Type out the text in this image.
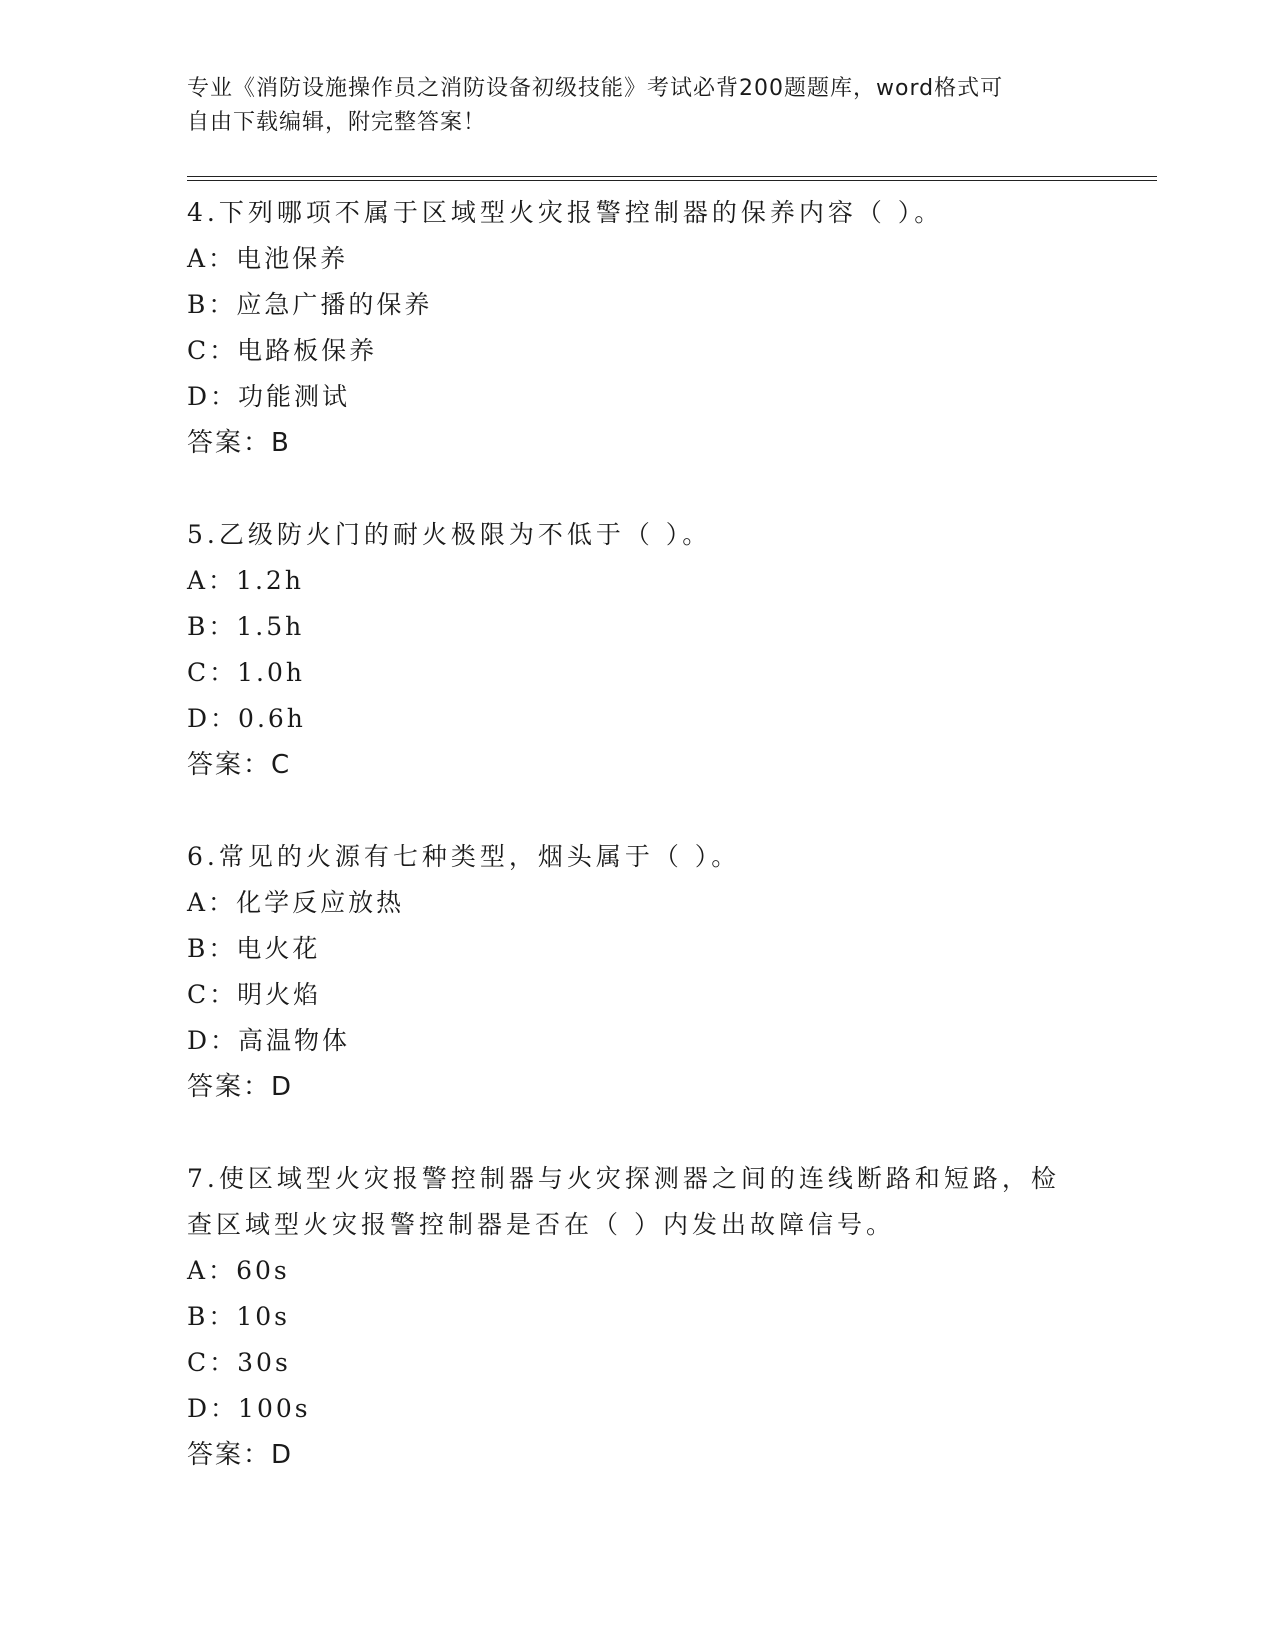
专业《消防设施操作员之消防设备初级技能》考试必背200题题库，word格式可
自由下载编辑，附完整答案！

4.下列哪项不属于区域型火灾报警控制器的保养内容（ ）。

A： 电池保养
B： 应急广播的保养
C： 电路板保养
D： 功能测试
答案：B

5.乙级防火门的耐火极限为不低于（ ）。

A： 1.2h
B： 1.5h
C： 1.0h
D： 0.6h
答案：C

6.常见的火源有七种类型，烟头属于（ ）。

A： 化学反应放热
B： 电火花
C： 明火焰
D： 高温物体
答案：D

7.使区域型火灾报警控制器与火灾探测器之间的连线断路和短路，检查区域型火灾报警控制器是否在（ ）内发出故障信号。

A： 60s
B： 10s
C： 30s
D： 100s
答案：D
